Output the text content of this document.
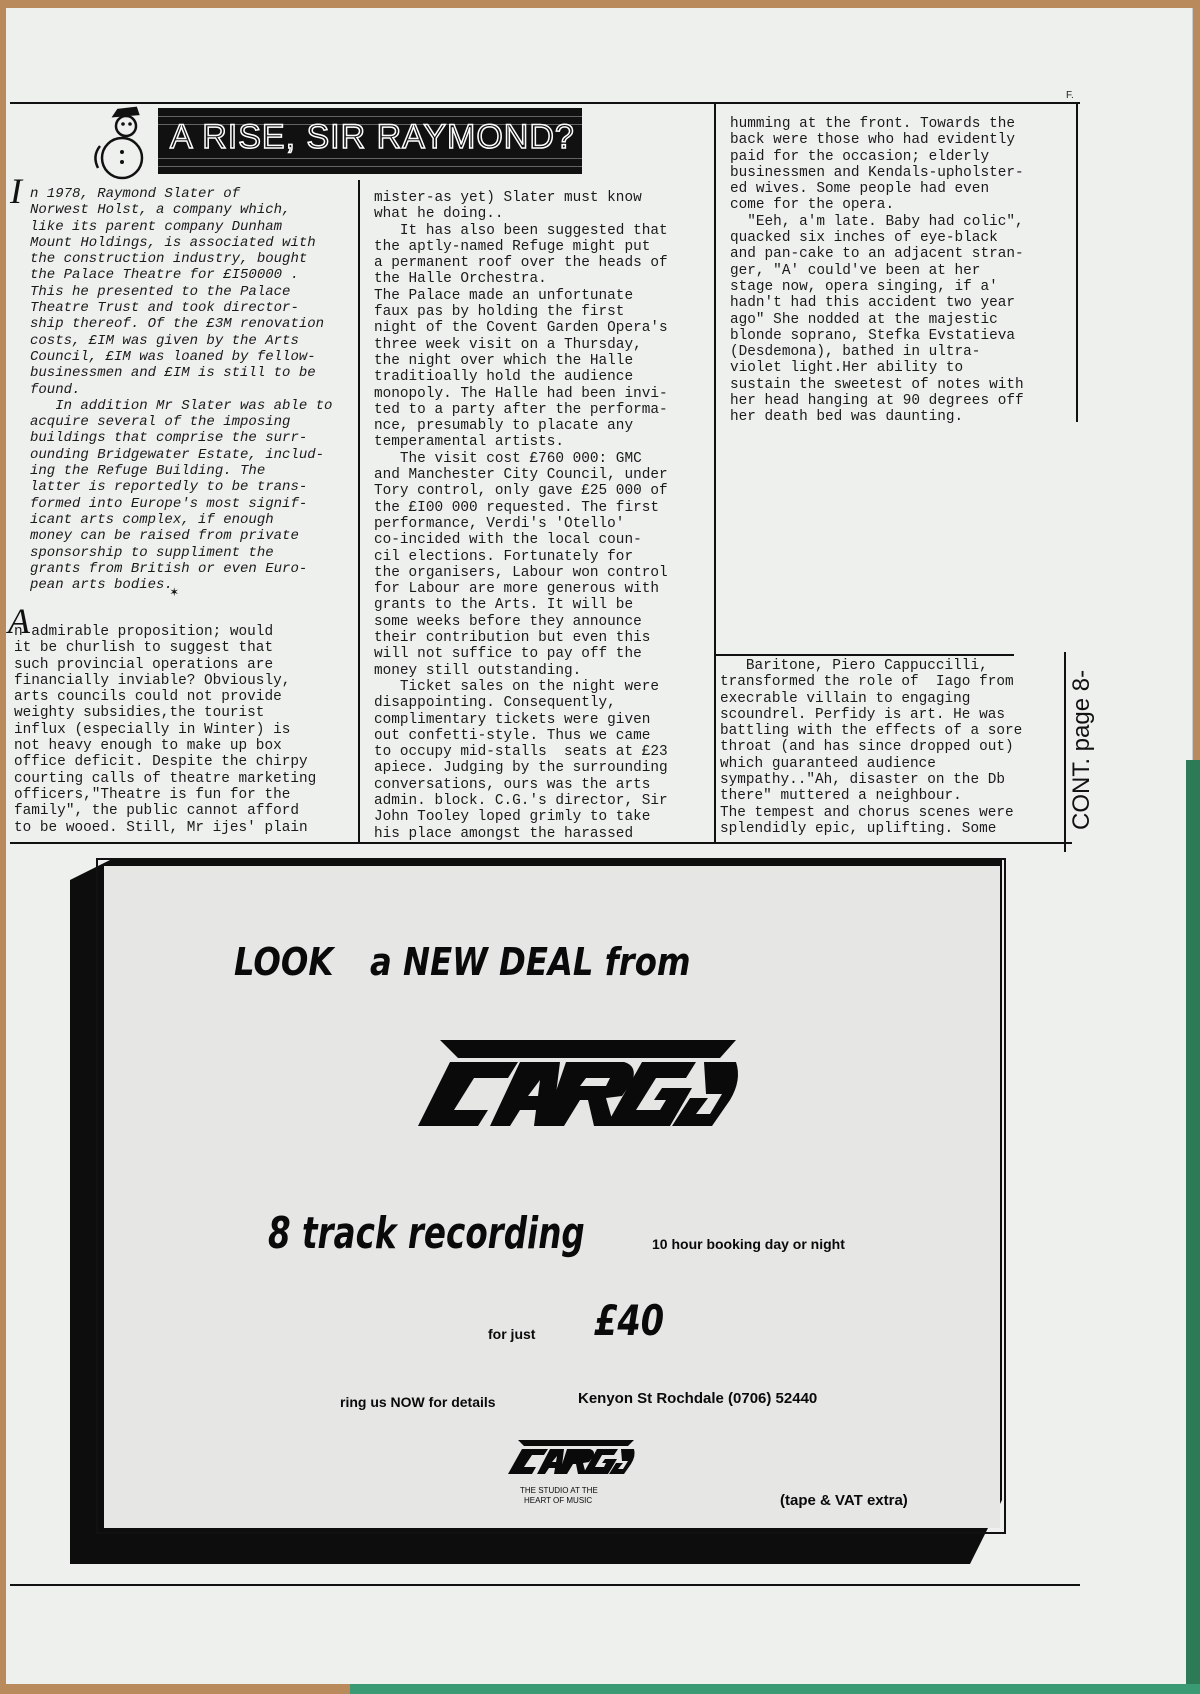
F.
A RISE, SIR RAYMOND?
I n 1978, Raymond Slater of
Norwest Holst, a company which,
like its parent company Dunham
Mount Holdings, is associated with
the construction industry, bought
the Palace Theatre for £I50000 .
This he presented to the Palace
Theatre Trust and took director-
ship thereof. Of the £3M renovation
costs, £IM was given by the Arts
Council, £IM was loaned by fellow-
businessmen and £IM is still to be
found.
In addition Mr Slater was able to
acquire several of the imposing
buildings that comprise the surr-
ounding Bridgewater Estate, includ-
ing the Refuge Building. The
latter is reportedly to be trans-
formed into Europe's most signif-
icant arts complex, if enough
money can be raised from private
sponsorship to suppliment the
grants from British or even Euro-
pean arts bodies.
✶
A
n admirable proposition; would
it be churlish to suggest that
such provincial operations are
financially inviable? Obviously,
arts councils could not provide
weighty subsidies,the tourist
influx (especially in Winter) is
not heavy enough to make up box
office deficit. Despite the chirpy
courting calls of theatre marketing
officers,"Theatre is fun for the
family", the public cannot afford
to be wooed. Still, Mr ijes' plain
mister-as yet) Slater must know
what he doing..
It has also been suggested that
the aptly-named Refuge might put
a permanent roof over the heads of
the Halle Orchestra.
The Palace made an unfortunate
faux pas by holding the first
night of the Covent Garden Opera's
three week visit on a Thursday,
the night over which the Halle
traditioally hold the audience
monopoly. The Halle had been invi-
ted to a party after the performa-
nce, presumably to placate any
temperamental artists.
The visit cost £760 000: GMC
and Manchester City Council, under
Tory control, only gave £25 000 of
the £I00 000 requested. The first
performance, Verdi's 'Otello'
co-incided with the local coun-
cil elections. Fortunately for
the organisers, Labour won control
for Labour are more generous with
grants to the Arts. It will be
some weeks before they announce
their contribution but even this
will not suffice to pay off the
money still outstanding.
Ticket sales on the night were
disappointing. Consequently,
complimentary tickets were given
out confetti-style. Thus we came
to occupy mid-stalls  seats at £23
apiece. Judging by the surrounding
conversations, ours was the arts
admin. block. C.G.'s director, Sir
John Tooley loped grimly to take
his place amongst the harassed
humming at the front. Towards the
back were those who had evidently
paid for the occasion; elderly
businessmen and Kendals-upholster-
ed wives. Some people had even
come for the opera.
"Eeh, a'm late. Baby had colic",
quacked six inches of eye-black
and pan-cake to an adjacent stran-
ger, "A' could've been at her
stage now, opera singing, if a'
hadn't had this accident two year
ago" She nodded at the majestic
blonde soprano, Stefka Evstatieva
(Desdemona), bathed in ultra-
violet light.Her ability to
sustain the sweetest of notes with
her head hanging at 90 degrees off
her death bed was daunting.
Baritone, Piero Cappuccilli,
transformed the role of  Iago from
execrable villain to engaging
scoundrel. Perfidy is art. He was
battling with the effects of a sore
throat (and has since dropped out)
which guaranteed audience
sympathy.."Ah, disaster on the Db
there" muttered a neighbour.
The tempest and chorus scenes were
splendidly epic, uplifting. Some	CONT. page 8-
LOOK a NEW DEAL from
8 track recording	10 hour booking day or night
for just £40
ring us NOW for details	Kenyon St Rochdale (0706) 52440
THE STUDIO AT THE
HEART OF MUSIC	(tape & VAT extra)
